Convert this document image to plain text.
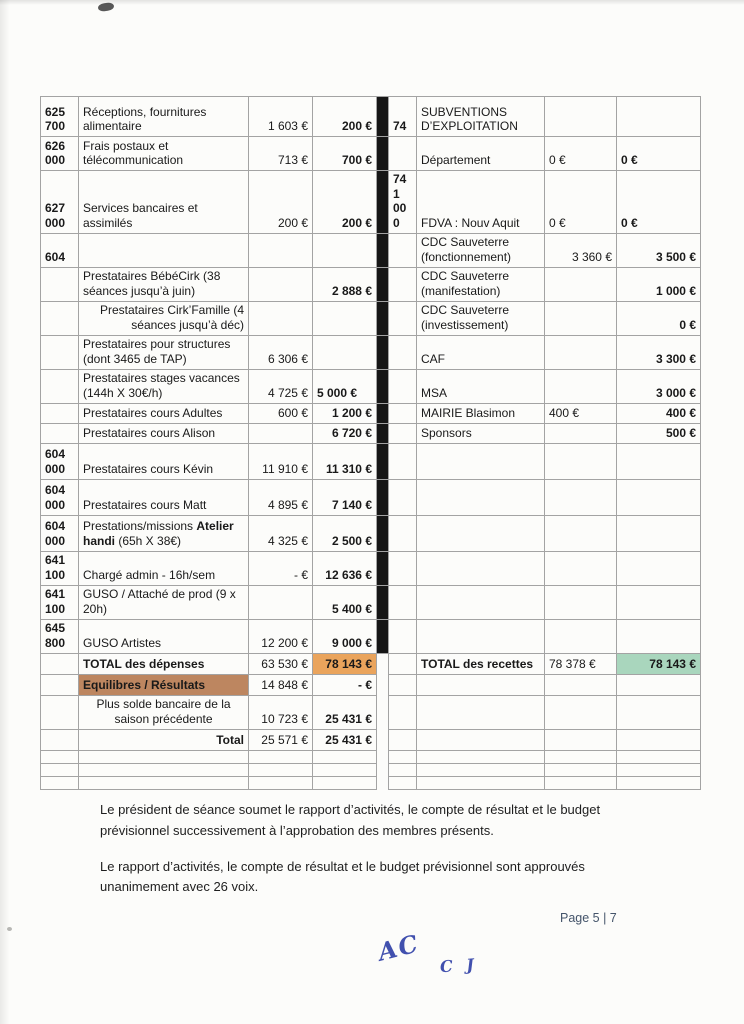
625 700	Réceptions, fournitures alimentaire	1 603 €	200 €		74	SUBVENTIONS D’EXPLOITATION		
626 000	Frais postaux et télécommunication	713 €	700 €			Département	0 €	0 €
627 000	Services bancaires et assimilés	200 €	200 €		741 000	FDVA : Nouv Aquit	0 €	0 €
604						CDC Sauveterre (fonctionnement)	3 360 €	3 500 €
	Prestataires BébéCirk (38 séances jusqu’à juin)		2 888 €			CDC Sauveterre (manifestation)		1 000 €
	Prestataires Cirk’Famille (4 séances jusqu’à déc)					CDC Sauveterre (investissement)		0 €
	Prestataires pour structures (dont 3465 de TAP)	6 306 €				CAF		3 300 €
	Prestataires stages vacances (144h X 30€/h)	4 725 €	5 000 €			MSA		3 000 €
	Prestataires cours Adultes	600 €	1 200 €			MAIRIE Blasimon	400 €	400 €
	Prestataires cours Alison		6 720 €			Sponsors		500 €
604 000	Prestataires cours Kévin	11 910 €	11 310 €					
604 000	Prestataires cours Matt	4 895 €	7 140 €					
604 000	Prestations/missions Atelier handi (65h X 38€)	4 325 €	2 500 €					
641 100	Chargé admin - 16h/sem	- €	12 636 €					
641 100	GUSO / Attaché de prod (9 x 20h)		5 400 €					
645 800	GUSO Artistes	12 200 €	9 000 €					
	TOTAL des dépenses	63 530 €	78 143 €			TOTAL des recettes	78 378 €	78 143 €
	Equilibres / Résultats	14 848 €	- €					
	Plus solde bancaire de la saison précédente	10 723 €	25 431 €					
	Total	25 571 €	25 431 €					

Le président de séance soumet le rapport d’activités, le compte de résultat et le budget prévisionnel successivement à l’approbation des membres présents.

Le rapport d’activités, le compte de résultat et le budget prévisionnel sont approuvés unanimement avec 26 voix.

Page 5 | 7
AC C J
